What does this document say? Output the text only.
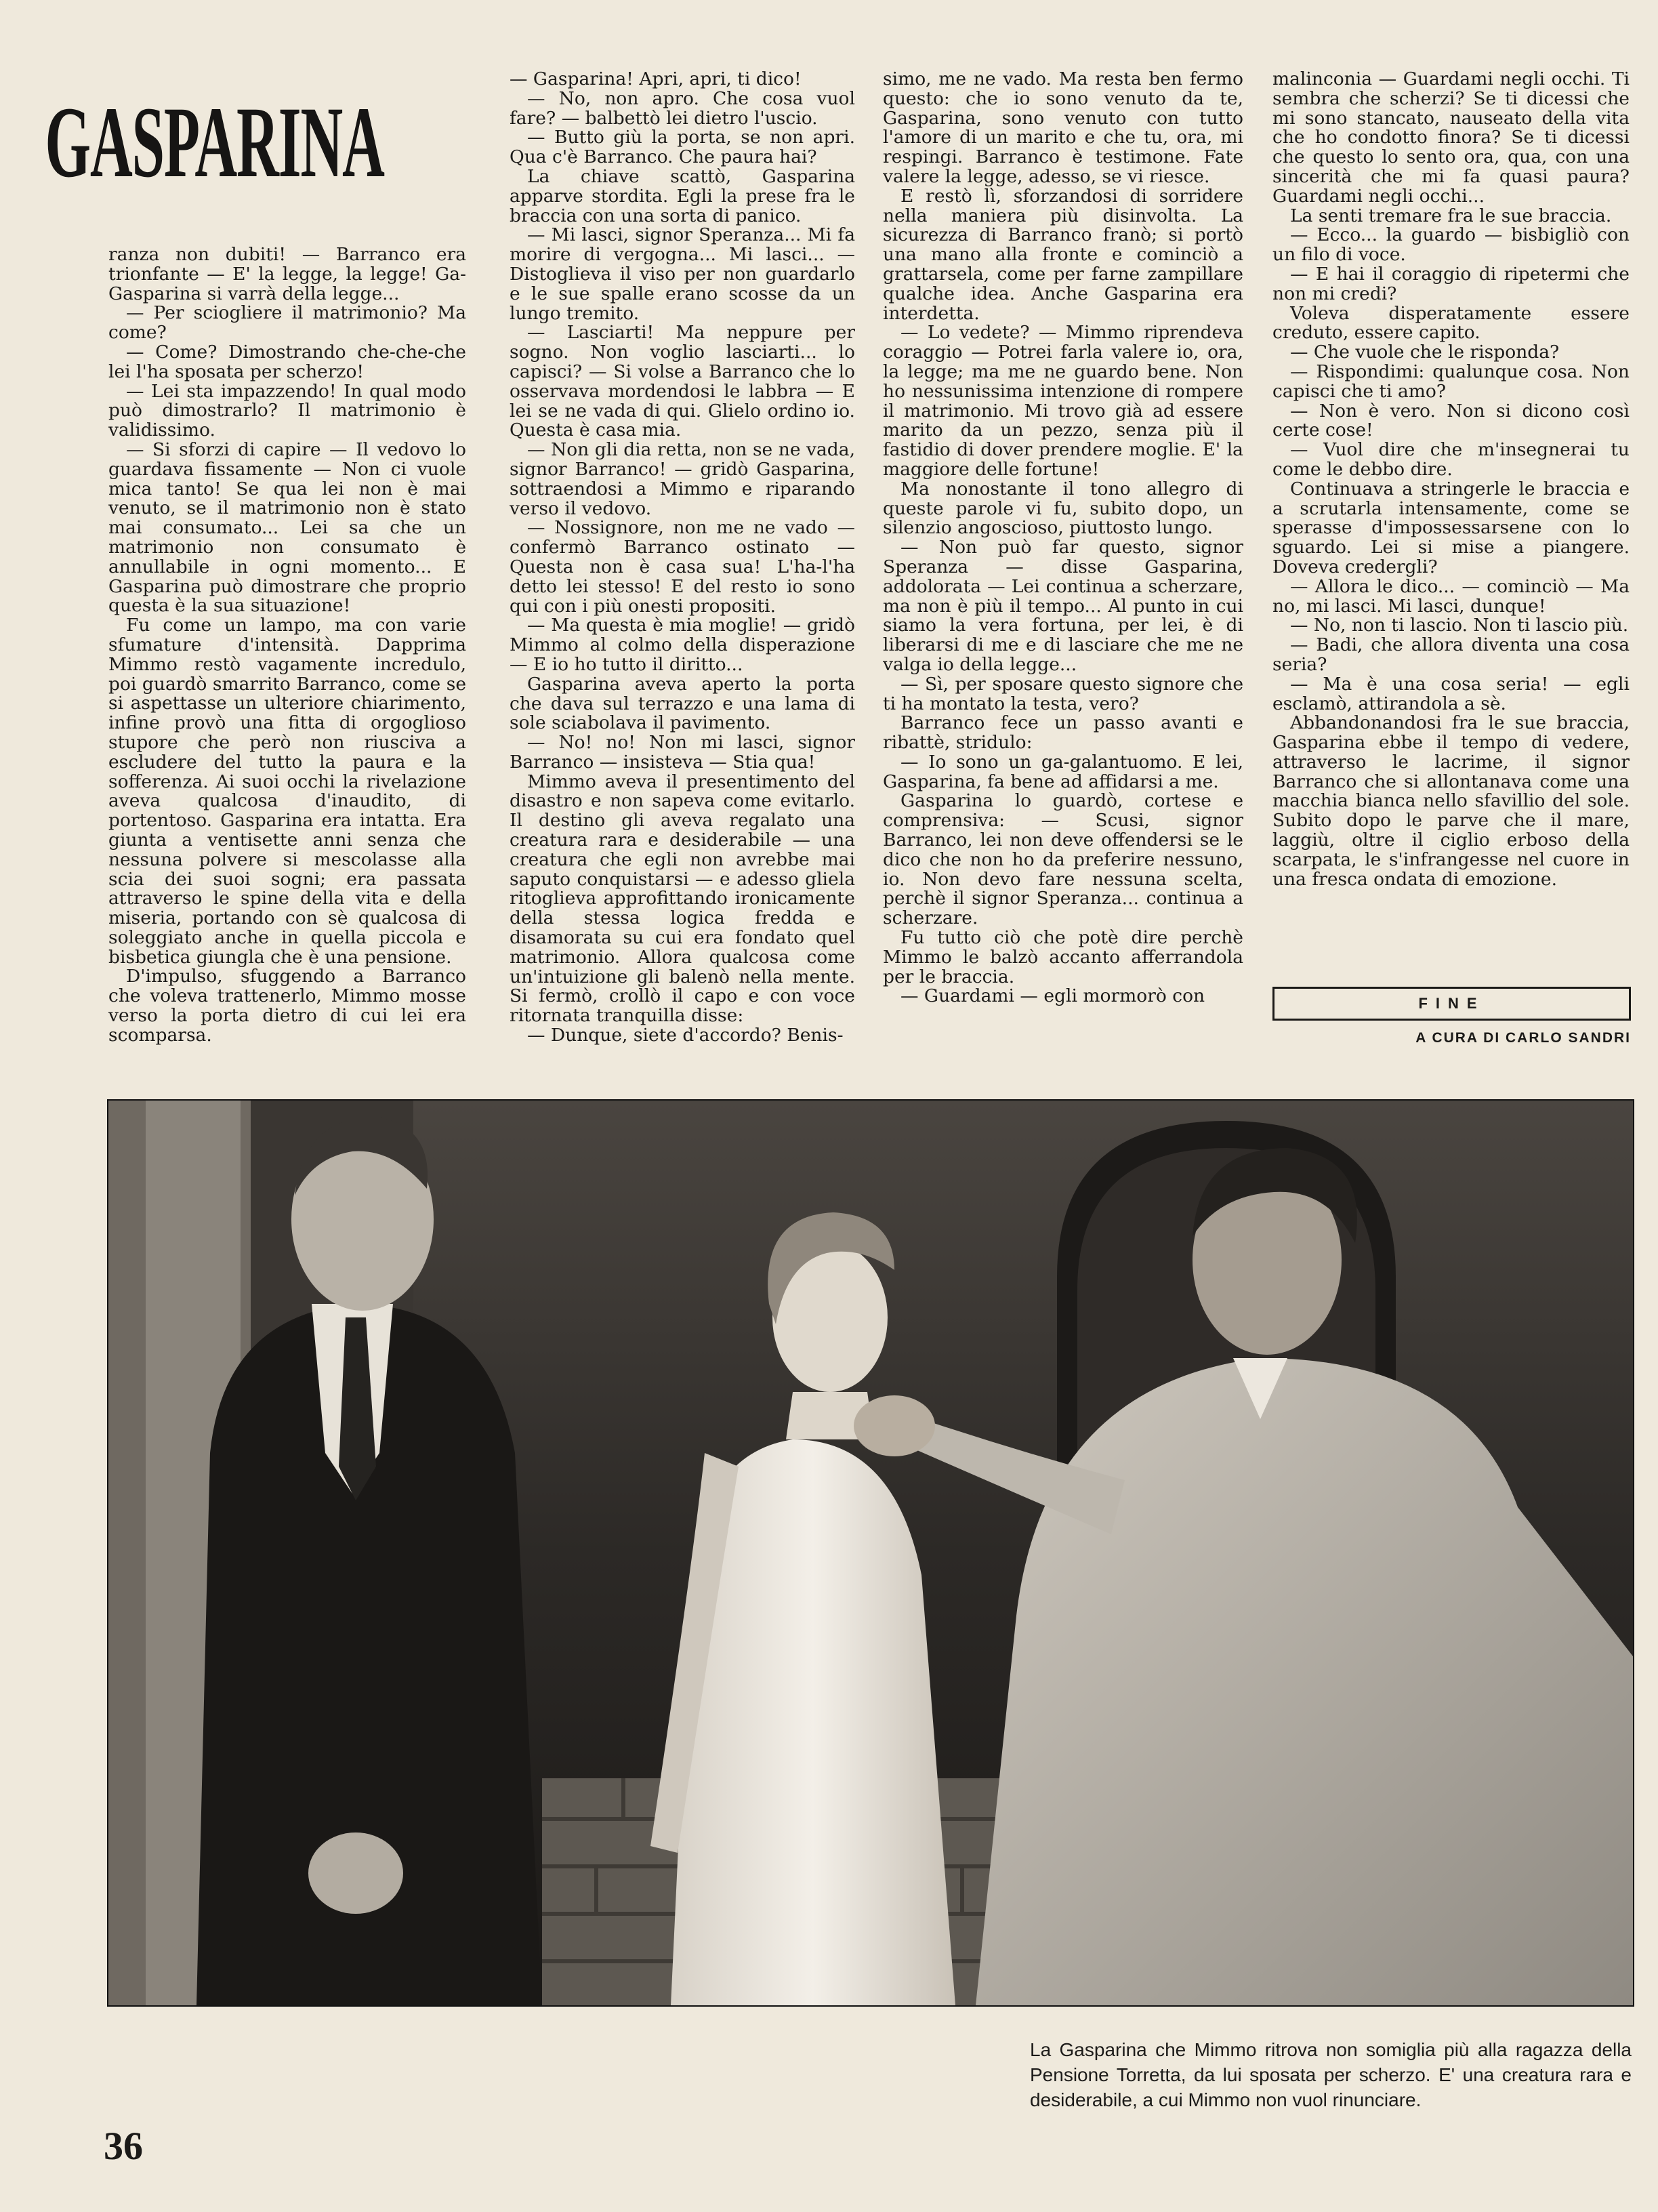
GASPARINA

ranza non dubiti! — Barranco era trionfante — E' la legge, la legge! Ga-Gasparina si varrà della legge...

— Per sciogliere il matrimonio? Ma come?

— Come? Dimostrando che-che-che lei l'ha sposata per scherzo!

— Lei sta impazzendo! In qual modo può dimostrarlo? Il matrimonio è validissimo.

— Si sforzi di capire — Il vedovo lo guardava fissamente — Non ci vuole mica tanto! Se qua lei non è mai venuto, se il matrimonio non è stato mai consumato... Lei sa che un matrimonio non consumato è annullabile in ogni momento... E Gasparina può dimostrare che proprio questa è la sua situazione!

Fu come un lampo, ma con varie sfumature d'intensità. Dapprima Mimmo restò vagamente incredulo, poi guardò smarrito Barranco, come se si aspettasse un ulteriore chiarimento, infine provò una fitta di orgoglioso stupore che però non riusciva a escludere del tutto la paura e la sofferenza. Ai suoi occhi la rivelazione aveva qualcosa d'inaudito, di portentoso. Gasparina era intatta. Era giunta a ventisette anni senza che nessuna polvere si mescolasse alla scia dei suoi sogni; era passata attraverso le spine della vita e della miseria, portando con sè qualcosa di soleggiato anche in quella piccola e bisbetica giungla che è una pensione.

D'impulso, sfuggendo a Barranco che voleva trattenerlo, Mimmo mosse verso la porta dietro di cui lei era scomparsa.

— Gasparina! Apri, apri, ti dico!

— No, non apro. Che cosa vuol fare? — balbettò lei dietro l'uscio.

— Butto giù la porta, se non apri. Qua c'è Barranco. Che paura hai?

La chiave scattò, Gasparina apparve stordita. Egli la prese fra le braccia con una sorta di panico.

— Mi lasci, signor Speranza... Mi fa morire di vergogna... Mi lasci... — Distoglieva il viso per non guardarlo e le sue spalle erano scosse da un lungo tremito.

— Lasciarti! Ma neppure per sogno. Non voglio lasciarti... lo capisci? — Si volse a Barranco che lo osservava mordendosi le labbra — E lei se ne vada di qui. Glielo ordino io. Questa è casa mia.

— Non gli dia retta, non se ne vada, signor Barranco! — gridò Gasparina, sottraendosi a Mimmo e riparando verso il vedovo.

— Nossignore, non me ne vado — confermò Barranco ostinato — Questa non è casa sua! L'ha-l'ha detto lei stesso! E del resto io sono qui con i più onesti propositi.

— Ma questa è mia moglie! — gridò Mimmo al colmo della disperazione — E io ho tutto il diritto...

Gasparina aveva aperto la porta che dava sul terrazzo e una lama di sole sciabolava il pavimento.

— No! no! Non mi lasci, signor Barranco — insisteva — Stia qua!

Mimmo aveva il presentimento del disastro e non sapeva come evitarlo. Il destino gli aveva regalato una creatura rara e desiderabile — una creatura che egli non avrebbe mai saputo conquistarsi — e adesso gliela ritoglieva approfittando ironicamente della stessa logica fredda e disamorata su cui era fondato quel matrimonio. Allora qualcosa come un'intuizione gli balenò nella mente. Si fermò, crollò il capo e con voce ritornata tranquilla disse:

— Dunque, siete d'accordo? Benis-

simo, me ne vado. Ma resta ben fermo questo: che io sono venuto da te, Gasparina, sono venuto con tutto l'amore di un marito e che tu, ora, mi respingi. Barranco è testimone. Fate valere la legge, adesso, se vi riesce.

E restò lì, sforzandosi di sorridere nella maniera più disinvolta. La sicurezza di Barranco franò; si portò una mano alla fronte e cominciò a grattarsela, come per farne zampillare qualche idea. Anche Gasparina era interdetta.

— Lo vedete? — Mimmo riprendeva coraggio — Potrei farla valere io, ora, la legge; ma me ne guardo bene. Non ho nessunissima intenzione di rompere il matrimonio. Mi trovo già ad essere marito da un pezzo, senza più il fastidio di dover prendere moglie. E' la maggiore delle fortune!

Ma nonostante il tono allegro di queste parole vi fu, subito dopo, un silenzio angoscioso, piuttosto lungo.

— Non può far questo, signor Speranza — disse Gasparina, addolorata — Lei continua a scherzare, ma non è più il tempo... Al punto in cui siamo la vera fortuna, per lei, è di liberarsi di me e di lasciare che me ne valga io della legge...

— Sì, per sposare questo signore che ti ha montato la testa, vero?

Barranco fece un passo avanti e ribattè, stridulo:

— Io sono un ga-galantuomo. E lei, Gasparina, fa bene ad affidarsi a me.

Gasparina lo guardò, cortese e comprensiva: — Scusi, signor Barranco, lei non deve offendersi se le dico che non ho da preferire nessuno, io. Non devo fare nessuna scelta, perchè il signor Speranza... continua a scherzare.

Fu tutto ciò che potè dire perchè Mimmo le balzò accanto afferrandola per le braccia.

— Guardami — egli mormorò con

malinconia — Guardami negli occhi. Ti sembra che scherzi? Se ti dicessi che mi sono stancato, nauseato della vita che ho condotto finora? Se ti dicessi che questo lo sento ora, qua, con una sincerità che mi fa quasi paura? Guardami negli occhi...

La senti tremare fra le sue braccia.

— Ecco... la guardo — bisbigliò con un filo di voce.

— E hai il coraggio di ripetermi che non mi credi?

Voleva disperatamente essere creduto, essere capito.

— Che vuole che le risponda?

— Rispondimi: qualunque cosa. Non capisci che ti amo?

— Non è vero. Non si dicono così certe cose!

— Vuol dire che m'insegnerai tu come le debbo dire.

Continuava a stringerle le braccia e a scrutarla intensamente, come se sperasse d'impossessarsene con lo sguardo. Lei si mise a piangere. Doveva credergli?

— Allora le dico... — cominciò — Ma no, mi lasci. Mi lasci, dunque!

— No, non ti lascio. Non ti lascio più.

— Badi, che allora diventa una cosa seria?

— Ma è una cosa seria! — egli esclamò, attirandola a sè.

Abbandonandosi fra le sue braccia, Gasparina ebbe il tempo di vedere, attraverso le lacrime, il signor Barranco che si allontanava come una macchia bianca nello sfavillio del sole. Subito dopo le parve che il mare, laggiù, oltre il ciglio erboso della scarpata, le s'infrangesse nel cuore in una fresca ondata di emozione.

FINE
A CURA DI CARLO SANDRI
La Gasparina che Mimmo ritrova non somiglia più alla ragazza della Pensione Torretta, da lui sposata per scherzo. E' una creatura rara e desiderabile, a cui Mimmo non vuol rinunciare.
36
